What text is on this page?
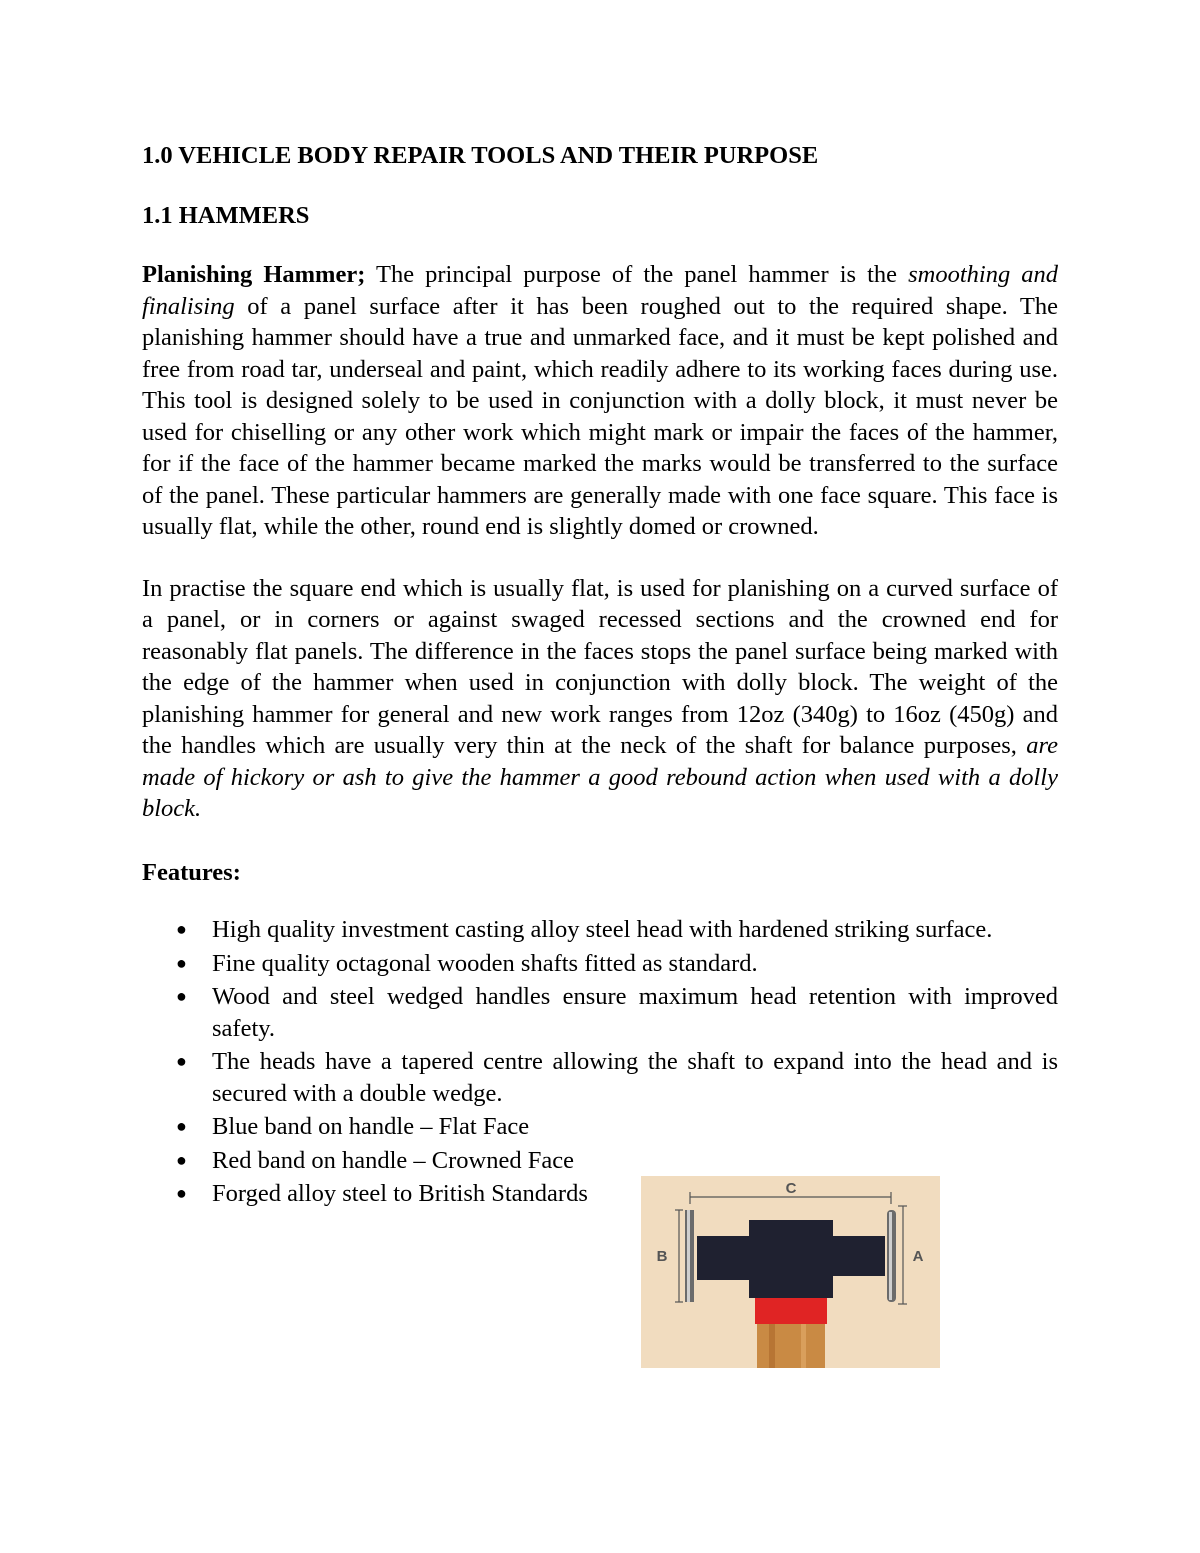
1.0 VEHICLE BODY REPAIR TOOLS AND THEIR PURPOSE
1.1 HAMMERS

Planishing Hammer; The principal purpose of the panel hammer is the smoothing and finalising of a panel surface after it has been roughed out to the required shape. The planishing hammer should have a true and unmarked face, and it must be kept polished and free from road tar, underseal and paint, which readily adhere to its working faces during use. This tool is designed solely to be used in conjunction with a dolly block, it must never be used for chiselling or any other work which might mark or impair the faces of the hammer, for if the face of the hammer became marked the marks would be transferred to the surface of the panel. These particular hammers are generally made with one face square. This face is usually flat, while the other, round end is slightly domed or crowned.

In practise the square end which is usually flat, is used for planishing on a curved surface of a panel, or in corners or against swaged recessed sections and the crowned end for reasonably flat panels. The difference in the faces stops the panel surface being marked with the edge of the hammer when used in conjunction with dolly block. The weight of the planishing hammer for general and new work ranges from 12oz (340g) to 16oz (450g) and the handles which are usually very thin at the neck of the shaft for balance purposes, are made of hickory or ash to give the hammer a good rebound action when used with a dolly block.

Features:
● High quality investment casting alloy steel head with hardened striking surface.
● Fine quality octagonal wooden shafts fitted as standard.
● Wood and steel wedged handles ensure maximum head retention with improved safety.
● The heads have a tapered centre allowing the shaft to expand into the head and is secured with a double wedge.
● Blue band on handle – Flat Face
● Red band on handle – Crowned Face
● Forged alloy steel to British Standards	C
B	A
